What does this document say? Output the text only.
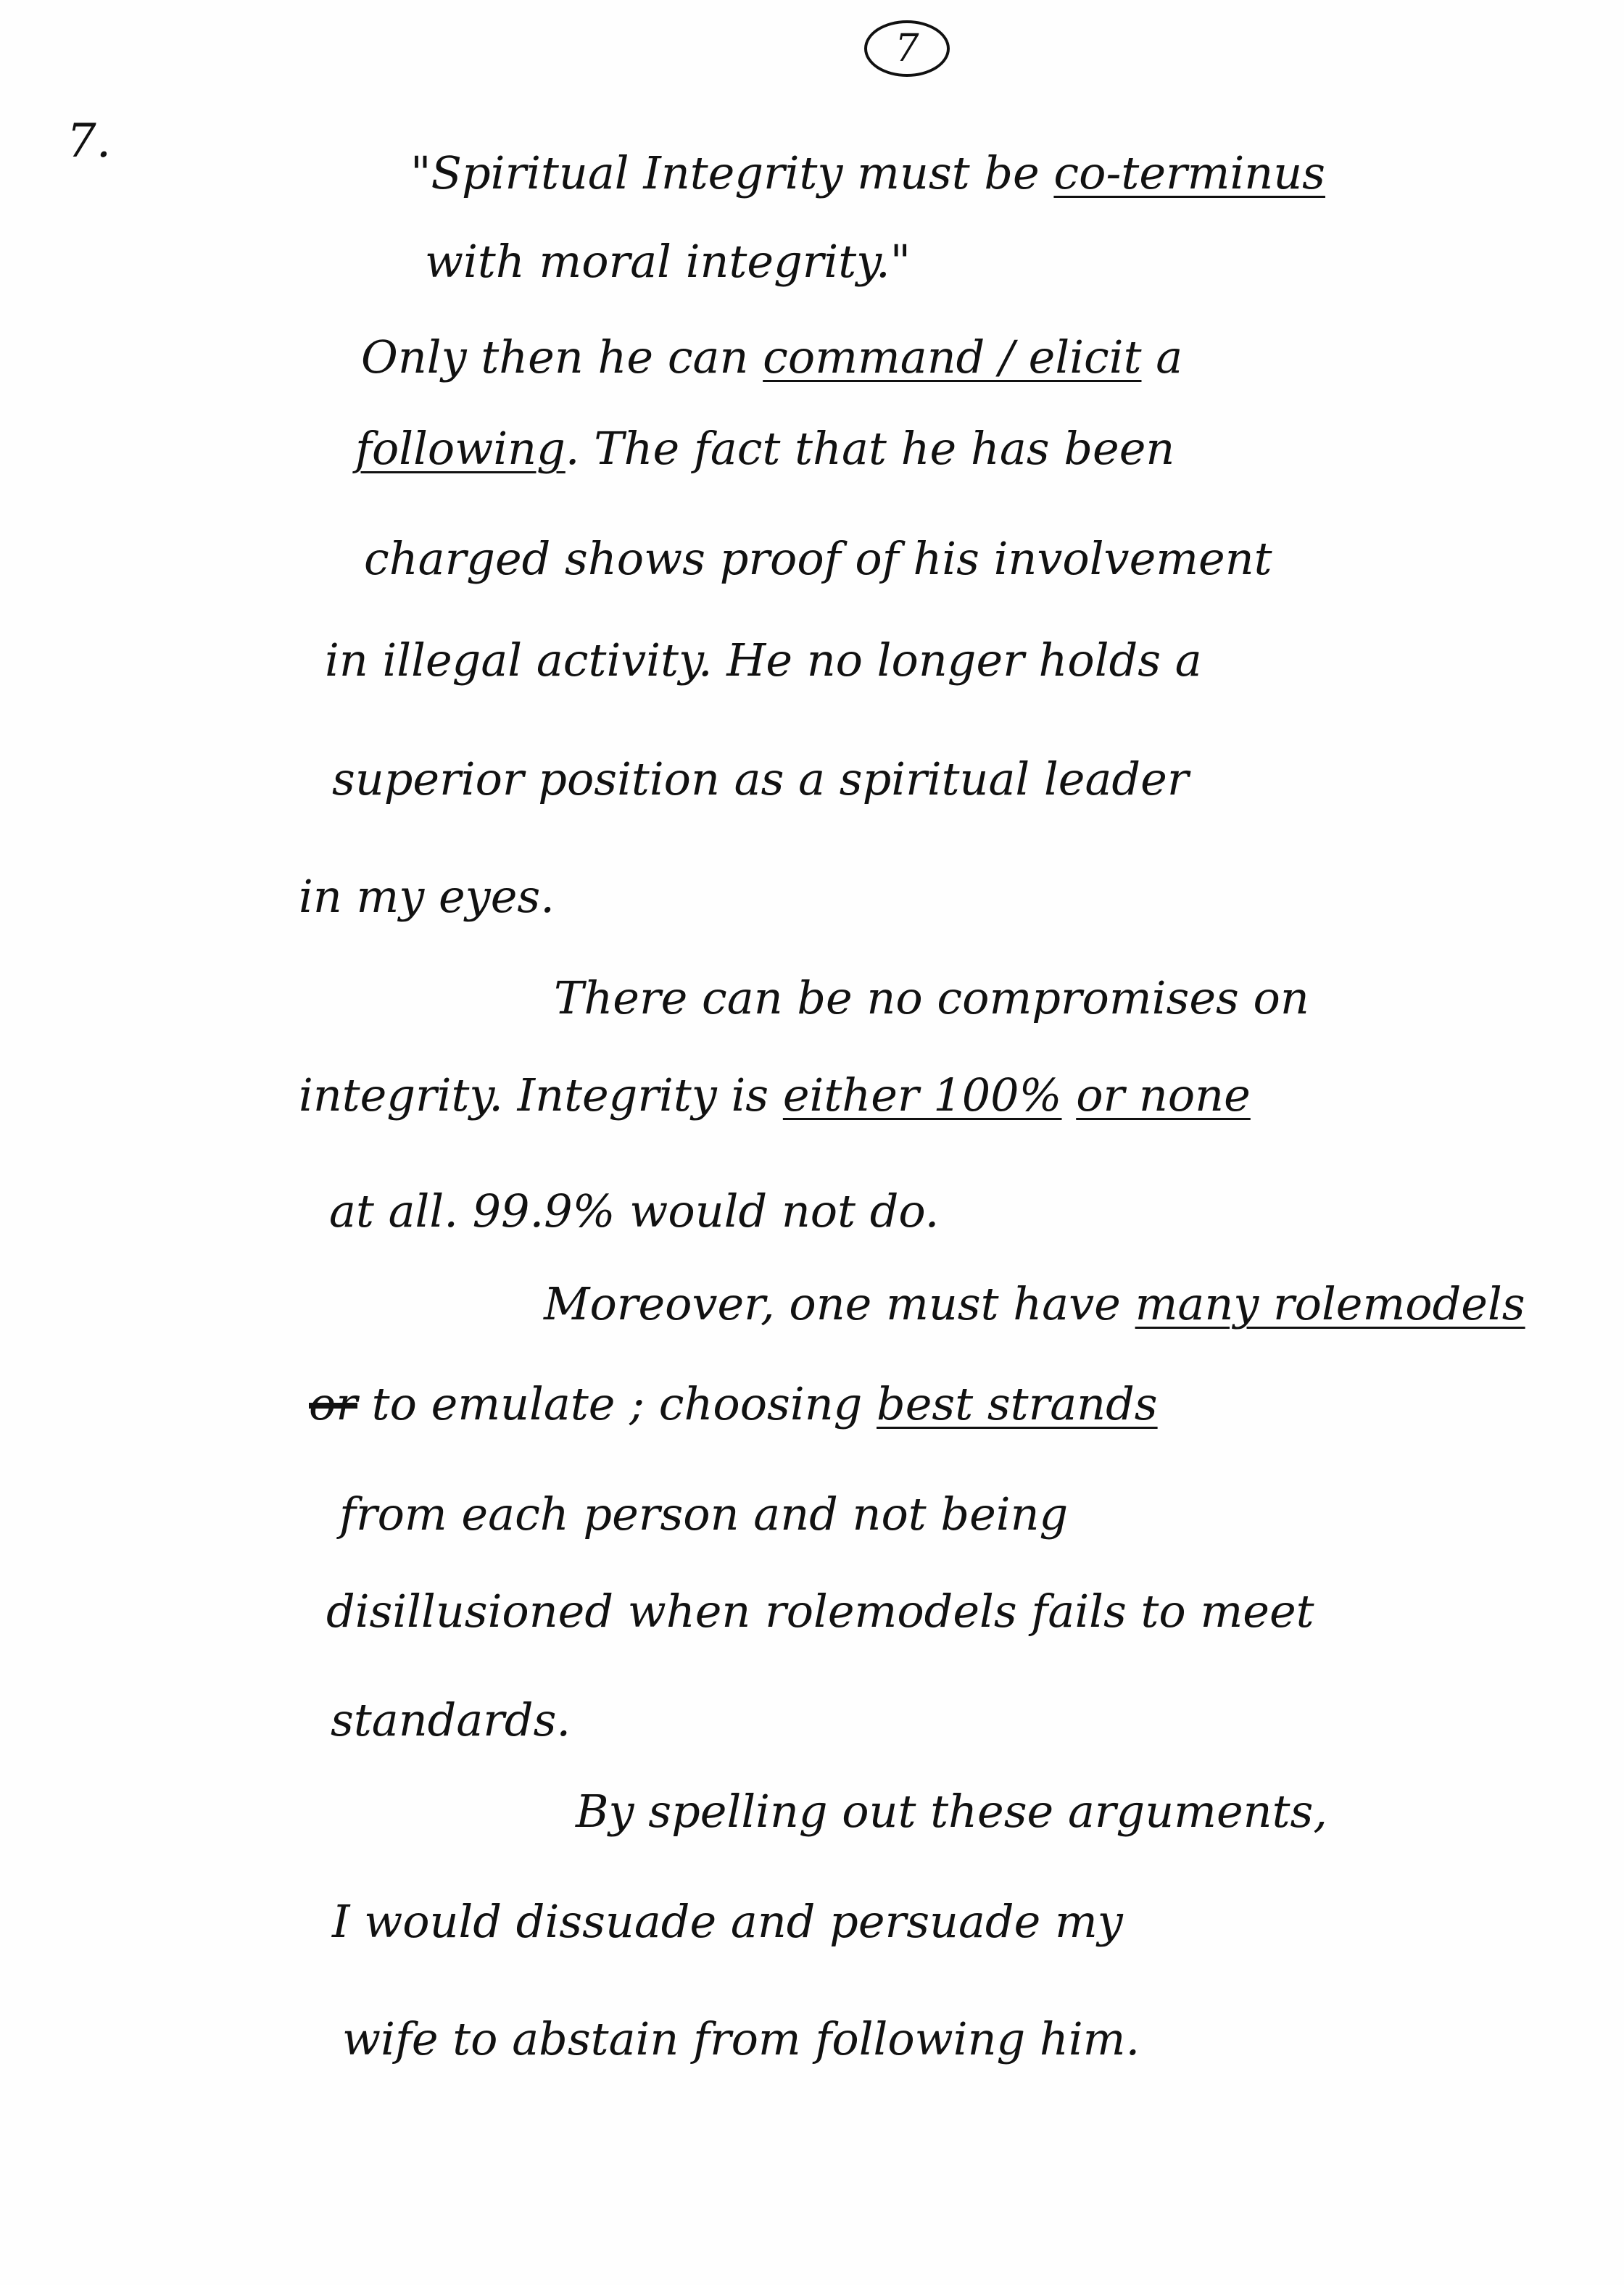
7
7.
"Spiritual Integrity must be co-terminus
with moral integrity."
Only then he can command / elicit a
following. The fact that he has been
charged shows proof of his involvement
in illegal activity. He no longer holds a
superior position as a spiritual leader
in my eyes.
There can be no compromises on
integrity. Integrity is either 100% or none
at all. 99.9% would not do.
Moreover, one must have many rolemodels
or to emulate ; choosing best strands
from each person and not being
disillusioned when rolemodels fails to meet
standards.
By spelling out these arguments,
I would dissuade and persuade my
wife to abstain from following him.
